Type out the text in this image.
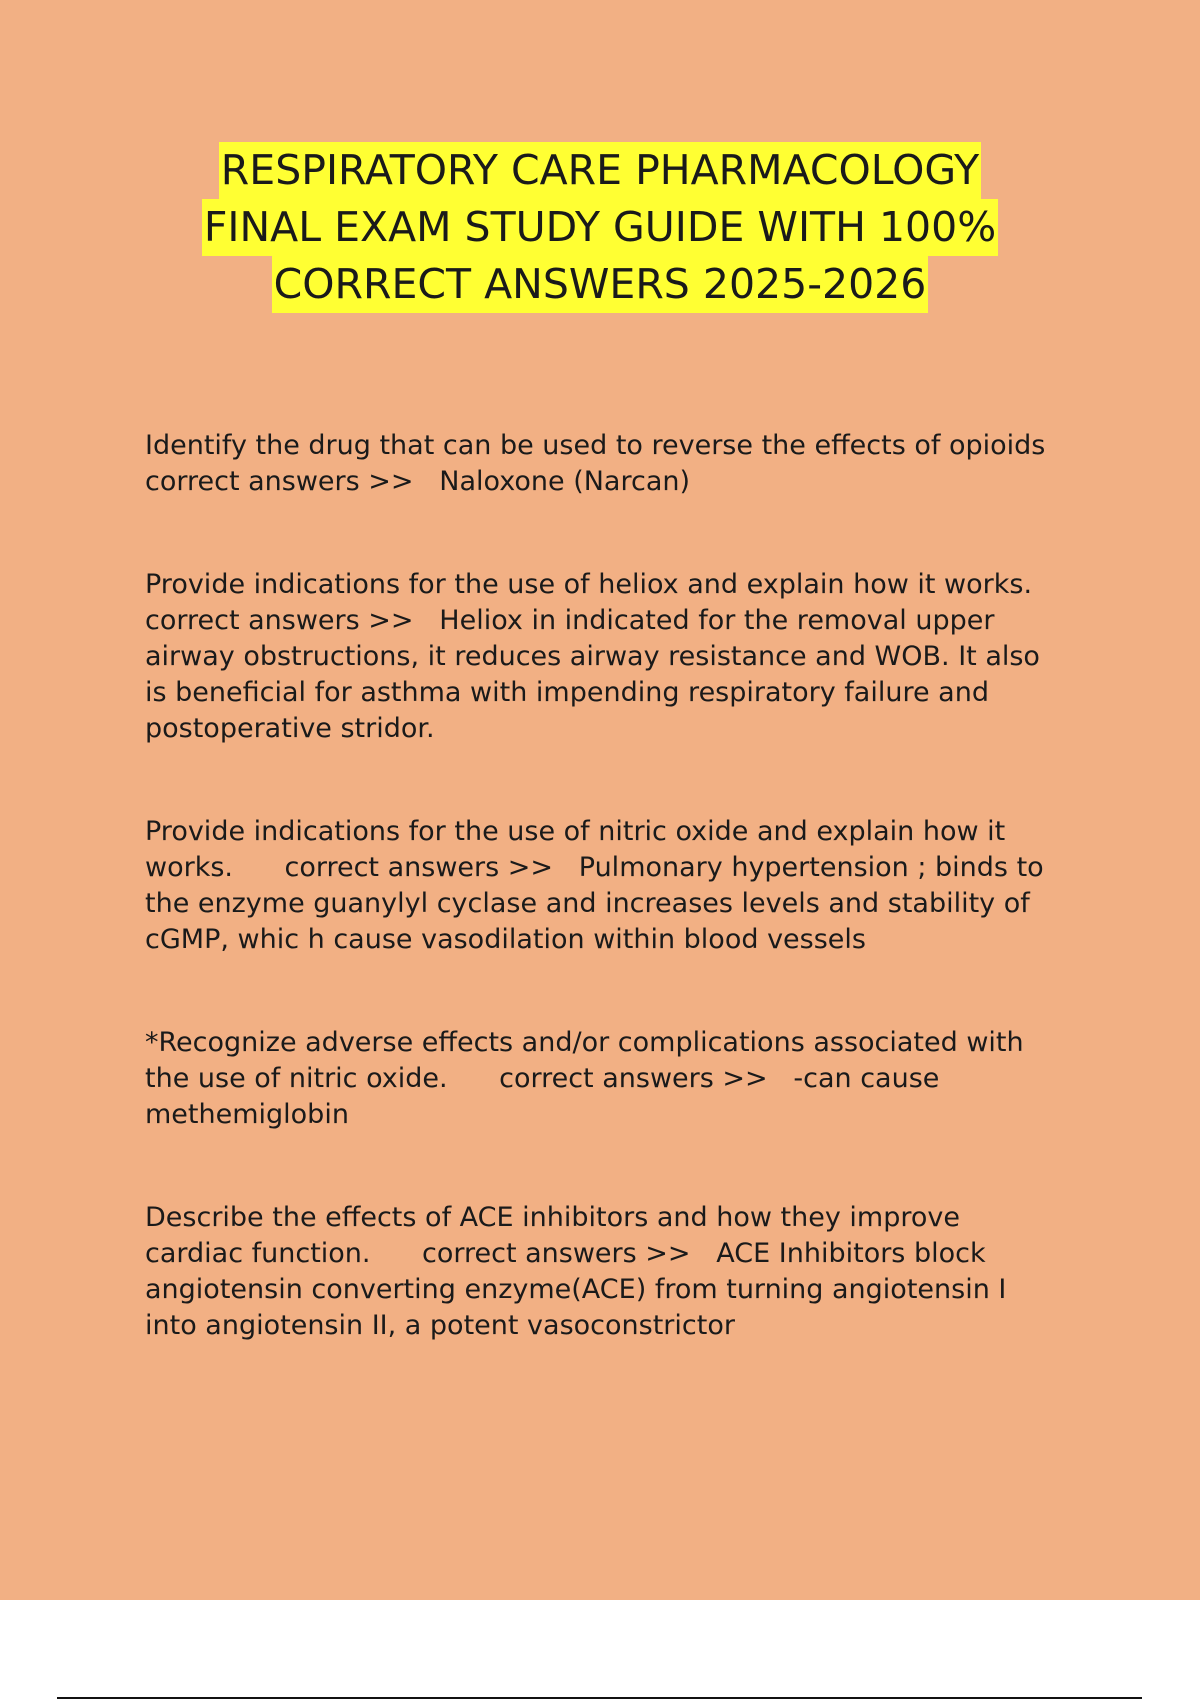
RESPIRATORY CARE PHARMACOLOGY
FINAL EXAM STUDY GUIDE WITH 100%
CORRECT ANSWERS 2025-2026
Identify the drug that can be used to reverse the effects of opioids
correct answers >>   Naloxone (Narcan)
Provide indications for the use of heliox and explain how it works.
correct answers >>   Heliox in indicated for the removal upper
airway obstructions, it reduces airway resistance and WOB. It also
is beneficial for asthma with impending respiratory failure and
postoperative stridor.
Provide indications for the use of nitric oxide and explain how it
works.      correct answers >>   Pulmonary hypertension ; binds to
the enzyme guanylyl cyclase and increases levels and stability of
cGMP, whic h cause vasodilation within blood vessels
*Recognize adverse effects and/or complications associated with
the use of nitric oxide.      correct answers >>   -can cause
methemiglobin
Describe the effects of ACE inhibitors and how they improve
cardiac function.      correct answers >>   ACE Inhibitors block
angiotensin converting enzyme(ACE) from turning angiotensin I
into angiotensin II, a potent vasoconstrictor
